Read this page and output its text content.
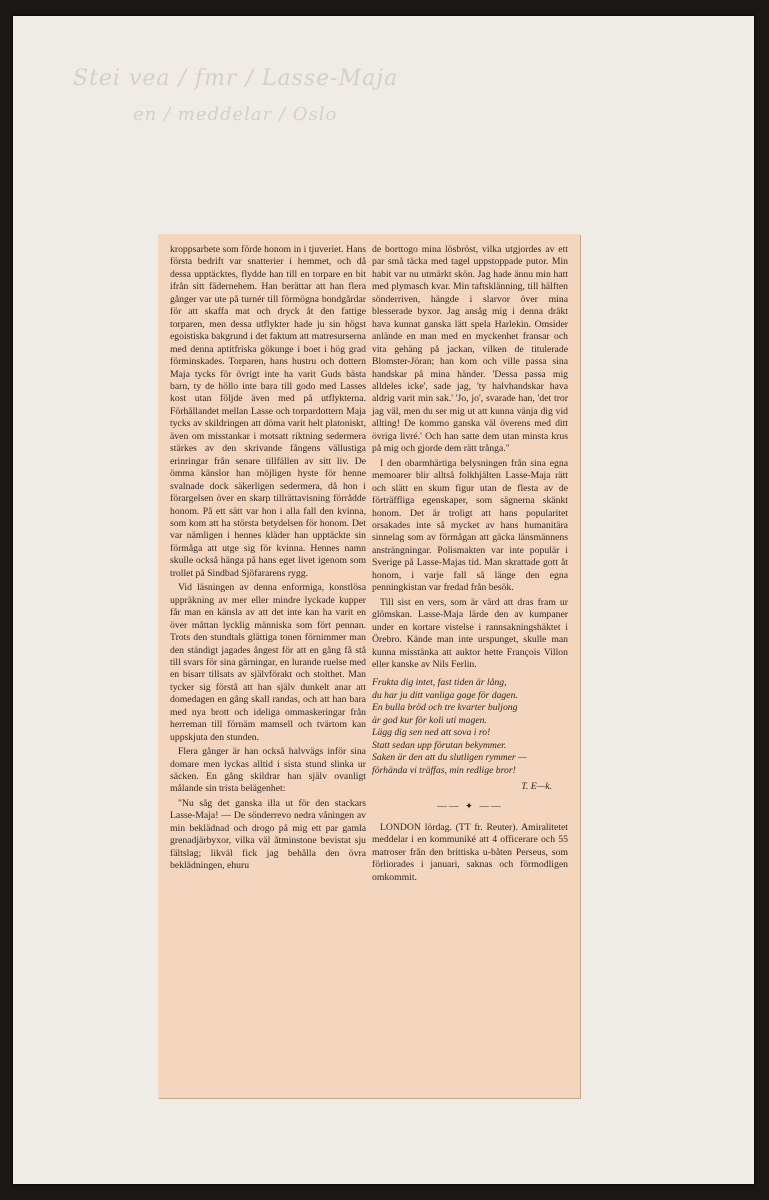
Stei vea / fmr / Lasse-Maja
en / meddelar / Oslo

kroppsarbete som förde honom in i tjuveriet. Hans första bedrift var snatterier i hemmet, och då dessa upptäcktes, flydde han till en torpare en bit ifrån sitt fädernehem. Han berättar att han flera gånger var ute på turnér till förmögna bondgårdar för att skaffa mat och dryck åt den fattige torparen, men dessa utflykter hade ju sin högst egoistiska bakgrund i det faktum att matresurserna med denna aptitfriska gökunge i boet i hög grad förminskades. Torparen, hans hustru och dottern Maja tycks för övrigt inte ha varit Guds bästa barn, ty de höllo inte bara till godo med Lasses kost utan följde även med på utflykterna. Förhållandet mellan Lasse och torpardottern Maja tycks av skildringen att döma varit helt platoniskt, även om misstankar i motsatt riktning sedermera stärkes av den skrivande fångens vällustiga erinringar från senare tillfällen av sitt liv. De ömma känslor han möjligen hyste för henne svalnade dock säkerligen sedermera, då hon i förargelsen över en skarp tillrättavisning förrådde honom. På ett sätt var hon i alla fall den kvinna, som kom att ha största betydelsen för honom. Det var nämligen i hennes kläder han upptäckte sin förmåga att utge sig för kvinna. Hennes namn skulle också hänga på hans eget livet igenom som trollet på Sindbad Sjöfararens rygg.

Vid läsningen av denna enformiga, konstlösa uppräkning av mer eller mindre lyckade kupper får man en känsla av att det inte kan ha varit en över måttan lycklig människa som fört pennan. Trots den stundtals glättiga tonen förnimmer man den ständigt jagades ångest för att en gång få stå till svars för sina gärningar, en lurande ruelse med en bisarr tillsats av självförakt och stolthet. Man tycker sig förstå att han själv dunkelt anar att domedagen en gång skall randas, och att han bara med nya brott och ideliga ommaskeringar från herreman till förnäm mamsell och tvärtom kan uppskjuta den stunden.

Flera gånger är han också halvvägs inför sina domare men lyckas alltid i sista stund slinka ur säcken. En gång skildrar han själv ovanligt målande sin trista belägenhet:

"Nu såg det ganska illa ut för den stackars Lasse-Maja! — De sönderrevo nedra våningen av min beklädnad och drogo på mig ett par gamla grenadjärbyxor, vilka väl åtminstone bevistat sju fältslag; likväl fick jag behålla den övra beklädningen, ehuru

de borttogo mina lösbröst, vilka utgjordes av ett par små täcka med tagel uppstoppade putor. Min habit var nu utmärkt skön. Jag hade ännu min hatt med plymasch kvar. Min taftsklänning, till hälften sönderriven, hängde i slarvor över mina blesserade byxor. Jag ansåg mig i denna dräkt hava kunnat ganska lätt spela Harlekin. Omsider anlände en man med en myckenhet fransar och vita gehäng på jackan, vilken de titulerade Blomster-Jöran; han kom och ville passa sina handskar på mina händer. 'Dessa passa mig alldeles icke', sade jag, 'ty halvhandskar hava aldrig varit min sak.' 'Jo, jo', svarade han, 'det tror jag väl, men du ser mig ut att kunna vänja dig vid allting! De kommo ganska väl överens med ditt övriga livré.' Och han satte dem utan minsta krus på mig och gjorde dem rätt trånga."

I den obarmhärtiga belysningen från sina egna memoarer blir alltså folkhjälten Lasse-Maja rätt och slätt en skum figur utan de flesta av de förträffliga egenskaper, som sägnerna skänkt honom. Det är troligt att hans popularitet orsakades inte så mycket av hans humanitära sinnelag som av förmågan att gäcka länsmännens ansträngningar. Polismakten var inte populär i Sverige på Lasse-Majas tid. Man skrattade gott åt honom, i varje fall så länge den egna penningkistan var fredad från besök.

Till sist en vers, som är värd att dras fram ur glömskan. Lasse-Maja lärde den av kumpaner under en kortare vistelse i rannsakningshäktet i Örebro. Kände man inte urspunget, skulle man kunna misstänka att auktor hette François Villon eller kanske av Nils Ferlin.

Frukta dig intet, fast tiden är lång,
du har ju ditt vanliga gage för dagen.
En bulla bröd och tre kvarter buljong
är god kur för koli uti magen.
Lägg dig sen ned att sova i ro!
Statt sedan upp förutan bekymmer.
Saken är den att du slutligen rymmer —
förhända vi träffas, min redlige bror!
T. E—k.
—— ✦ ——

LONDON lördag. (TT fr. Reuter). Amiralitetet meddelar i en kommuniké att 4 officerare och 55 matroser från den brittiska u-båten Perseus, som förliorades i januari, saknas och förmodligen omkommit.
